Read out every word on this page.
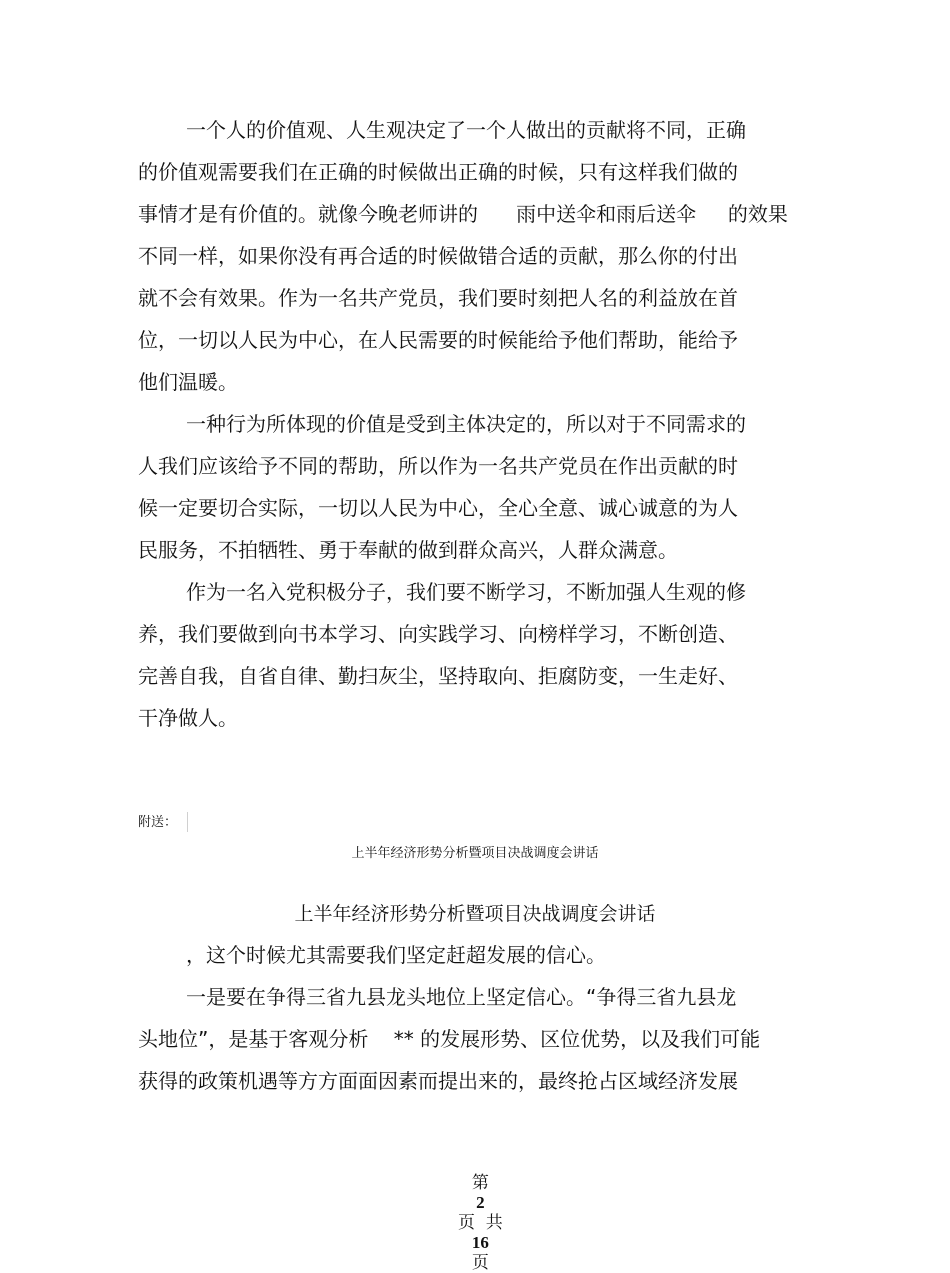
一个人的价值观、人生观决定了一个人做出的贡献将不同，正确

的价值观需要我们在正确的时候做出正确的时候，只有这样我们做的

事情才是有价值的。就像今晚老师讲的      雨中送伞和雨后送伞     的效果

不同一样，如果你没有再合适的时候做错合适的贡献，那么你的付出

就不会有效果。作为一名共产党员，我们要时刻把人名的利益放在首

位，一切以人民为中心，在人民需要的时候能给予他们帮助，能给予

他们温暖。

一种行为所体现的价值是受到主体决定的，所以对于不同需求的

人我们应该给予不同的帮助，所以作为一名共产党员在作出贡献的时

候一定要切合实际，一切以人民为中心，全心全意、诚心诚意的为人

民服务，不拍牺牲、勇于奉献的做到群众高兴，人群众满意。

作为一名入党积极分子，我们要不断学习，不断加强人生观的修

养，我们要做到向书本学习、向实践学习、向榜样学习，不断创造、

完善自我，自省自律、勤扫灰尘，坚持取向、拒腐防变，一生走好、

干净做人。

附送：

上半年经济形势分析暨项目决战调度会讲话

上半年经济形势分析暨项目决战调度会讲话

，这个时候尤其需要我们坚定赶超发展的信心。

一是要在争得三省九县龙头地位上坚定信心。“争得三省九县龙

头地位”，是基于客观分析    ** 的发展形势、区位优势，以及我们可能

获得的政策机遇等方方面面因素而提出来的，最终抢占区域经济发展

第
2
页  共
16
页
